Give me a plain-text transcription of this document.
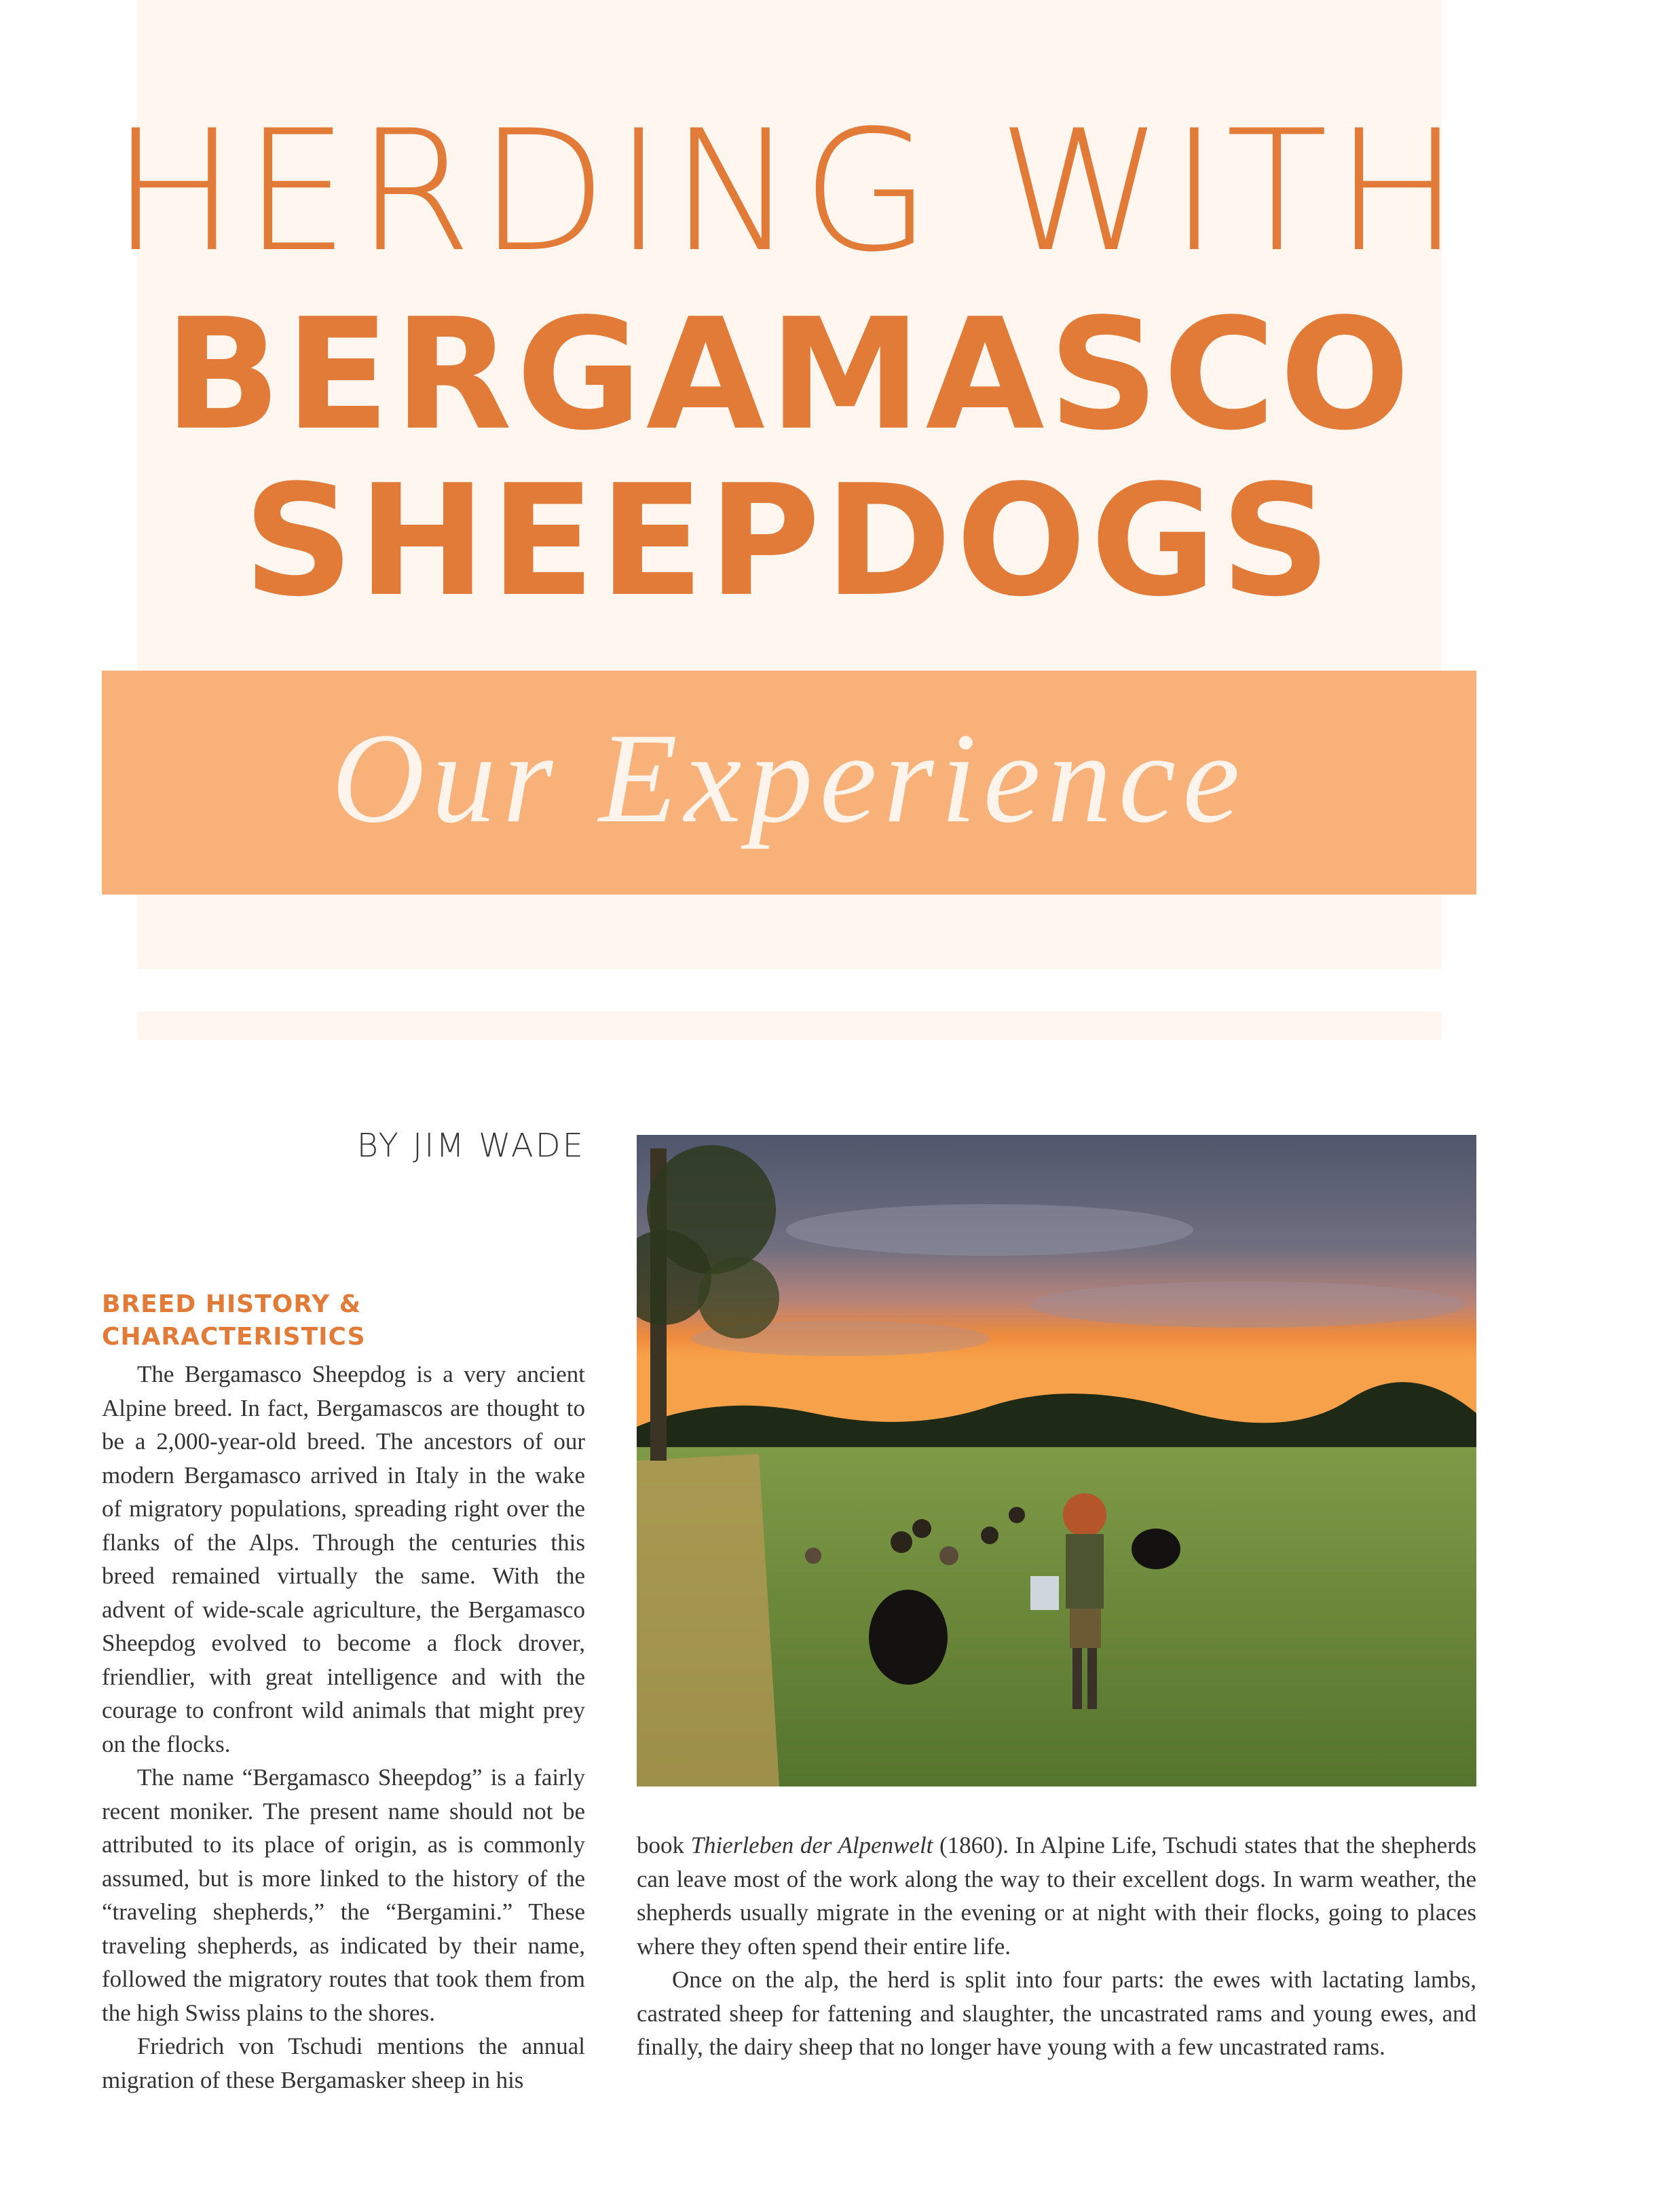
HERDING WITH
BERGAMASCO
SHEEPDOGS
Our Experience
BY JIM WADE
BREED HISTORY & CHARACTERISTICS

The Bergamasco Sheepdog is a very ancient Alpine breed. In fact, Bergamascos are thought to be a 2,000-year-old breed. The ancestors of our modern Bergamasco arrived in Italy in the wake of migratory populations, spreading right over the flanks of the Alps. Through the centuries this breed remained virtually the same. With the advent of wide-scale agriculture, the Bergamasco Sheepdog evolved to become a flock drover, friendlier, with great intelligence and with the courage to confront wild animals that might prey on the flocks.

The name “Bergamasco Sheepdog” is a fairly recent moniker. The present name should not be attributed to its place of origin, as is commonly assumed, but is more linked to the history of the “traveling shepherds,” the “Bergamini.” These traveling shepherds, as indicated by their name, followed the migratory routes that took them from the high Swiss plains to the shores.

Friedrich von Tschudi mentions the annual migration of these Bergamasker sheep in his

book Thierleben der Alpenwelt (1860). In Alpine Life, Tschudi states that the shepherds can leave most of the work along the way to their excellent dogs. In warm weather, the shepherds usually migrate in the evening or at night with their flocks, going to places where they often spend their entire life.

Once on the alp, the herd is split into four parts: the ewes with lactating lambs, castrated sheep for fattening and slaughter, the uncastrated rams and young ewes, and finally, the dairy sheep that no longer have young with a few uncastrated rams.
